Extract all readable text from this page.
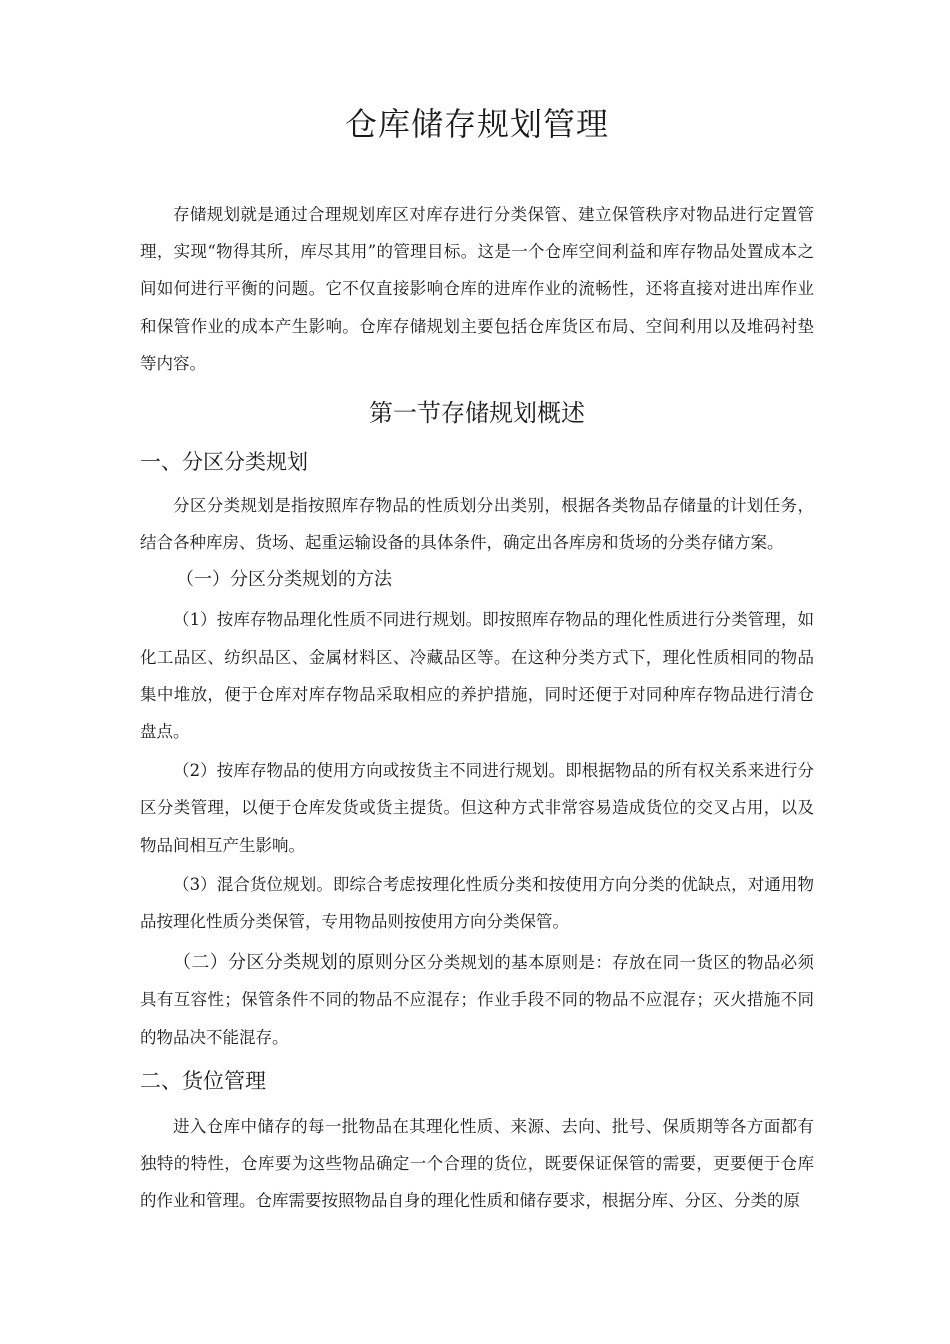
仓库储存规划管理

存储规划就是通过合理规划库区对库存进行分类保管、建立保管秩序对物品进行定置管理，实现“物得其所，库尽其用”的管理目标。这是一个仓库空间利益和库存物品处置成本之间如何进行平衡的问题。它不仅直接影响仓库的进库作业的流畅性，还将直接对进出库作业和保管作业的成本产生影响。仓库存储规划主要包括仓库货区布局、空间利用以及堆码衬垫等内容。

第一节存储规划概述
一、分区分类规划

分区分类规划是指按照库存物品的性质划分出类别，根据各类物品存储量的计划任务，结合各种库房、货场、起重运输设备的具体条件，确定出各库房和货场的分类存储方案。

（一）分区分类规划的方法

（1）按库存物品理化性质不同进行规划。即按照库存物品的理化性质进行分类管理，如化工品区、纺织品区、金属材料区、冷藏品区等。在这种分类方式下，理化性质相同的物品集中堆放，便于仓库对库存物品采取相应的养护措施，同时还便于对同种库存物品进行清仓盘点。

（2）按库存物品的使用方向或按货主不同进行规划。即根据物品的所有权关系来进行分区分类管理，以便于仓库发货或货主提货。但这种方式非常容易造成货位的交叉占用，以及物品间相互产生影响。

（3）混合货位规划。即综合考虑按理化性质分类和按使用方向分类的优缺点，对通用物品按理化性质分类保管，专用物品则按使用方向分类保管。

（二）分区分类规划的原则分区分类规划的基本原则是：存放在同一货区的物品必须具有互容性；保管条件不同的物品不应混存；作业手段不同的物品不应混存；灭火措施不同的物品决不能混存。

二、货位管理

进入仓库中储存的每一批物品在其理化性质、来源、去向、批号、保质期等各方面都有独特的特性，仓库要为这些物品确定一个合理的货位，既要保证保管的需要，更要便于仓库的作业和管理。仓库需要按照物品自身的理化性质和储存要求，根据分库、分区、分类的原
